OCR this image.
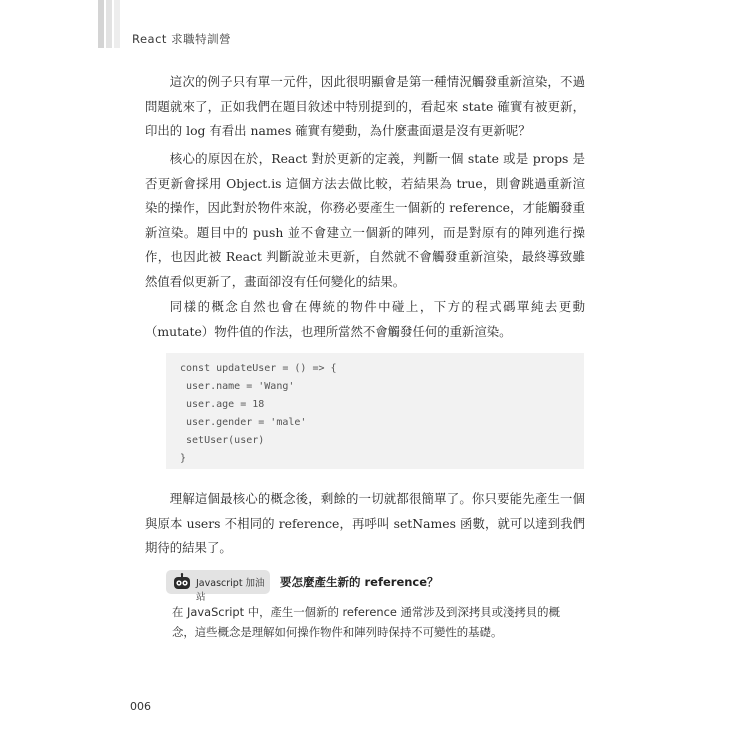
React 求職特訓營

這次的例子只有單一元件，因此很明顯會是第一種情況觸發重新渲染，不過問題就來了，正如我們在題目敘述中特別提到的，看起來 state 確實有被更新，印出的 log 有看出 names 確實有變動，為什麼畫面還是沒有更新呢？

核心的原因在於，React 對於更新的定義，判斷一個 state 或是 props 是否更新會採用 Object.is 這個方法去做比較，若結果為 true，則會跳過重新渲染的操作，因此對於物件來說，你務必要產生一個新的 reference，才能觸發重新渲染。題目中的 push 並不會建立一個新的陣列，而是對原有的陣列進行操作，也因此被 React 判斷說並未更新，自然就不會觸發重新渲染，最終導致雖然值看似更新了，畫面卻沒有任何變化的結果。

同樣的概念自然也會在傳統的物件中碰上，下方的程式碼單純去更動（mutate）物件值的作法，也理所當然不會觸發任何的重新渲染。

const updateUser = () => {
user.name = 'Wang'
user.age = 18
user.gender = 'male'
setUser(user)
}

理解這個最核心的概念後，剩餘的一切就都很簡單了。你只要能先產生一個與原本 users 不相同的 reference，再呼叫 setNames 函數，就可以達到我們期待的結果了。

Javascript 加油站
要怎麼產生新的 reference？

在 JavaScript 中，產生一個新的 reference 通常涉及到深拷貝或淺拷貝的概念，這些概念是理解如何操作物件和陣列時保持不可變性的基礎。

006
